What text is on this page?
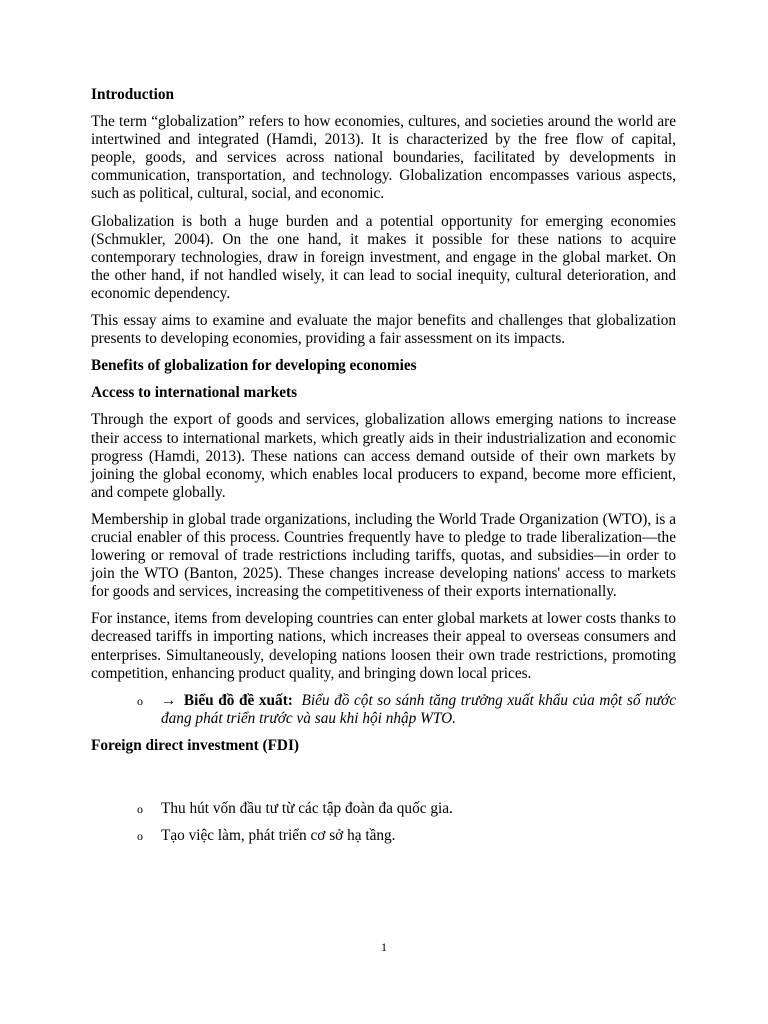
Introduction

The term “globalization” refers to how economies, cultures, and societies around the world are intertwined and integrated (Hamdi, 2013). It is characterized by the free flow of capital, people, goods, and services across national boundaries, facilitated by developments in communication, transportation, and technology. Globalization encompasses various aspects, such as political, cultural, social, and economic.

Globalization is both a huge burden and a potential opportunity for emerging economies (Schmukler, 2004). On the one hand, it makes it possible for these nations to acquire contemporary technologies, draw in foreign investment, and engage in the global market. On the other hand, if not handled wisely, it can lead to social inequity, cultural deterioration, and economic dependency.

This essay aims to examine and evaluate the major benefits and challenges that globalization presents to developing economies, providing a fair assessment on its impacts.

Benefits of globalization for developing economies
Access to international markets

Through the export of goods and services, globalization allows emerging nations to increase their access to international markets, which greatly aids in their industrialization and economic progress (Hamdi, 2013). These nations can access demand outside of their own markets by joining the global economy, which enables local producers to expand, become more efficient, and compete globally.

Membership in global trade organizations, including the World Trade Organization (WTO), is a crucial enabler of this process. Countries frequently have to pledge to trade liberalization—the lowering or removal of trade restrictions including tariffs, quotas, and subsidies—in order to join the WTO (Banton, 2025). These changes increase developing nations' access to markets for goods and services, increasing the competitiveness of their exports internationally.

For instance, items from developing countries can enter global markets at lower costs thanks to decreased tariffs in importing nations, which increases their appeal to overseas consumers and enterprises. Simultaneously, developing nations loosen their own trade restrictions, promoting competition, enhancing product quality, and bringing down local prices.

o → Biểu đồ đề xuất: Biểu đồ cột so sánh tăng trưởng xuất khẩu của một số nước đang phát triển trước và sau khi hội nhập WTO.
Foreign direct investment (FDI)
o Thu hút vốn đầu tư từ các tập đoàn đa quốc gia.
o Tạo việc làm, phát triển cơ sở hạ tầng.
1
